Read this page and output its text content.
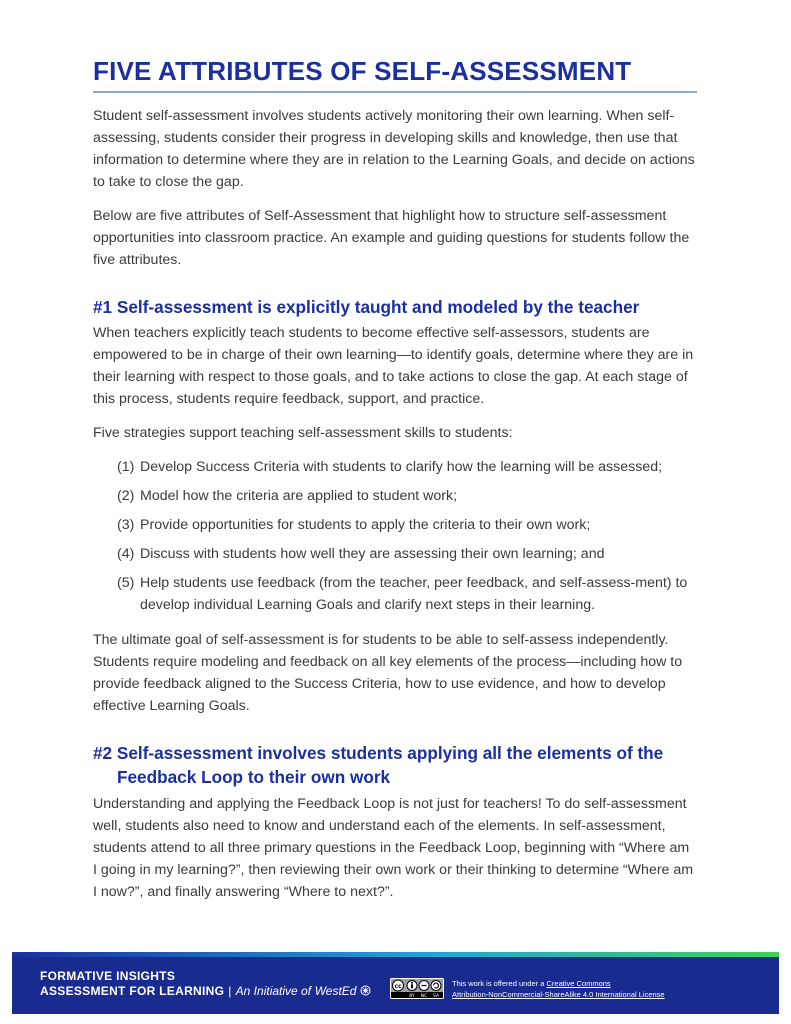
FIVE ATTRIBUTES OF SELF-ASSESSMENT

Student self-assessment involves students actively monitoring their own learning. When self-assessing, students consider their progress in developing skills and knowledge, then use that information to determine where they are in relation to the Learning Goals, and decide on actions to take to close the gap.

Below are five attributes of Self-Assessment that highlight how to structure self-assessment opportunities into classroom practice. An example and guiding questions for students follow the five attributes.

#1 Self-assessment is explicitly taught and modeled by the teacher

When teachers explicitly teach students to become effective self-assessors, students are empowered to be in charge of their own learning—to identify goals, determine where they are in their learning with respect to those goals, and to take actions to close the gap. At each stage of this process, students require feedback, support, and practice.

Five strategies support teaching self-assessment skills to students:

(1) Develop Success Criteria with students to clarify how the learning will be assessed;
(2) Model how the criteria are applied to student work;
(3) Provide opportunities for students to apply the criteria to their own work;
(4) Discuss with students how well they are assessing their own learning; and
(5) Help students use feedback (from the teacher, peer feedback, and self-assess-ment) to develop individual Learning Goals and clarify next steps in their learning.

The ultimate goal of self-assessment is for students to be able to self-assess independently. Students require modeling and feedback on all key elements of the process—including how to provide feedback aligned to the Success Criteria, how to use evidence, and how to develop effective Learning Goals.

#2 Self-assessment involves students applying all the elements of the
Feedback Loop to their own work

Understanding and applying the Feedback Loop is not just for teachers! To do self-assessment well, students also need to know and understand each of the elements. In self-assessment, students attend to all three primary questions in the Feedback Loop, beginning with “Where am I going in my learning?”, then reviewing their own work or their thinking to determine “Where am I now?”, and finally answering “Where to next?”.

FORMATIVE INSIGHTS
ASSESSMENT FOR LEARNING | An Initiative of WestEd	cc
BY NC SA
This work is offered under a Creative Commons
Attribution-NonCommercial-ShareAlike 4.0 International License
